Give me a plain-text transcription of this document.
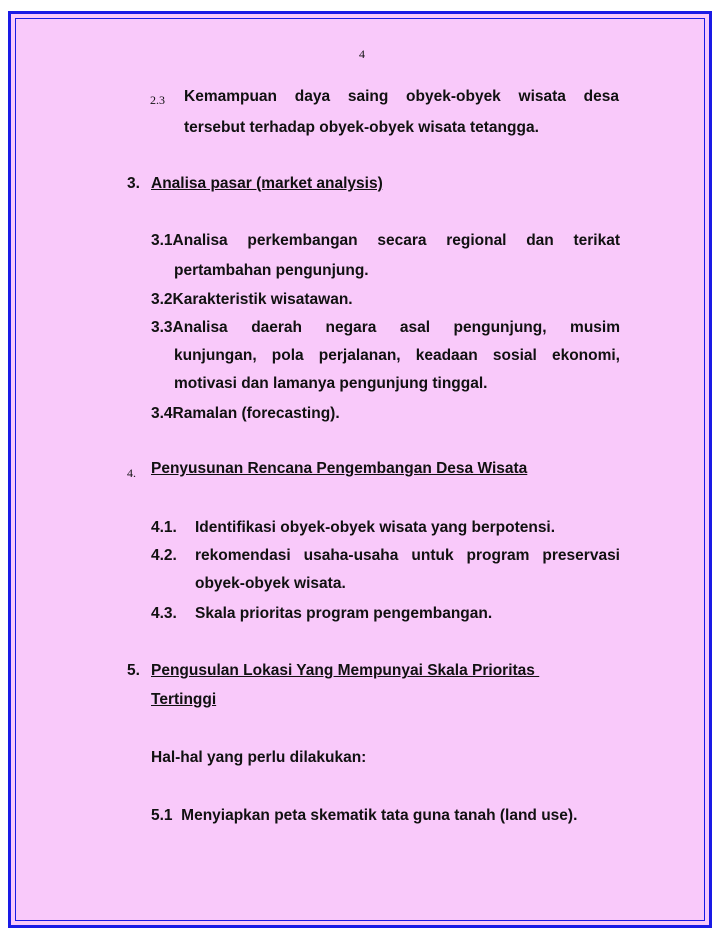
4
2.3 Kemampuan daya saing obyek-obyek wisata desa
tersebut terhadap obyek-obyek wisata tetangga.
3. Analisa pasar (market analysis)
3.1Analisa perkembangan secara regional dan terikat
pertambahan pengunjung.
3.2Karakteristik wisatawan.
3.3Analisa daerah negara asal pengunjung, musim
kunjungan, pola perjalanan, keadaan sosial ekonomi,
motivasi dan lamanya pengunjung tinggal.
3.4Ramalan (forecasting).
4. Penyusunan Rencana Pengembangan Desa Wisata
4.1. Identifikasi obyek-obyek wisata yang berpotensi.
4.2. rekomendasi usaha-usaha untuk program preservasi
obyek-obyek wisata.
4.3. Skala prioritas program pengembangan.
5. Pengusulan Lokasi Yang Mempunyai Skala Prioritas
Tertinggi
Hal-hal yang perlu dilakukan:
5.1  Menyiapkan peta skematik tata guna tanah (land use).
